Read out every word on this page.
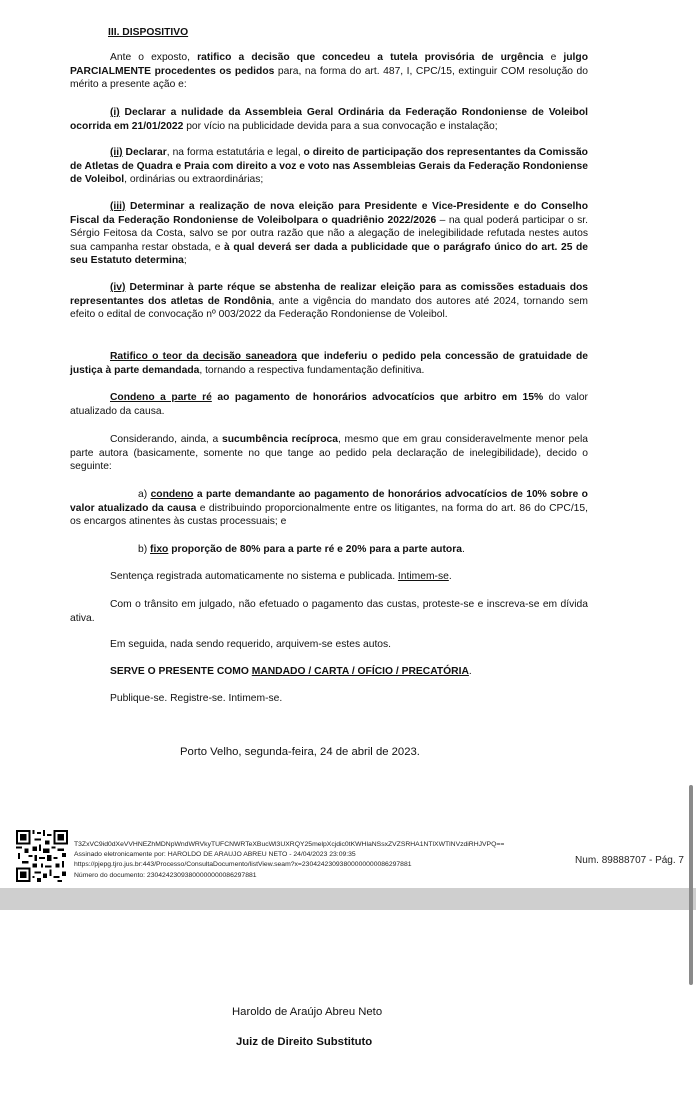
III. DISPOSITIVO

Ante o exposto, ratifico a decisão que concedeu a tutela provisória de urgência e julgo PARCIALMENTE procedentes os pedidos para, na forma do art. 487, I, CPC/15, extinguir COM resolução do mérito a presente ação e:

(i) Declarar a nulidade da Assembleia Geral Ordinária da Federação Rondoniense de Voleibol ocorrida em 21/01/2022 por vício na publicidade devida para a sua convocação e instalação;

(ii) Declarar, na forma estatutária e legal, o direito de participação dos representantes da Comissão de Atletas de Quadra e Praia com direito a voz e voto nas Assembleias Gerais da Federação Rondoniense de Voleibol, ordinárias ou extraordinárias;

(iii) Determinar a realização de nova eleição para Presidente e Vice-Presidente e do Conselho Fiscal da Federação Rondoniense de Voleibolpara o quadriênio 2022/2026 – na qual poderá participar o sr. Sérgio Feitosa da Costa, salvo se por outra razão que não a alegação de inelegibilidade refutada nestes autos sua campanha restar obstada, e à qual deverá ser dada a publicidade que o parágrafo único do art. 25 de seu Estatuto determina;

(iv) Determinar à parte réque se abstenha de realizar eleição para as comissões estaduais dos representantes dos atletas de Rondônia, ante a vigência do mandato dos autores até 2024, tornando sem efeito o edital de convocação nº 003/2022 da Federação Rondoniense de Voleibol.

Ratifico o teor da decisão saneadora que indeferiu o pedido pela concessão de gratuidade de justiça à parte demandada, tornando a respectiva fundamentação definitiva.

Condeno a parte ré ao pagamento de honorários advocatícios que arbitro em 15% do valor atualizado da causa.

Considerando, ainda, a sucumbência recíproca, mesmo que em grau consideravelmente menor pela parte autora (basicamente, somente no que tange ao pedido pela declaração de inelegibilidade), decido o seguinte:

a) condeno a parte demandante ao pagamento de honorários advocatícios de 10% sobre o valor atualizado da causa e distribuindo proporcionalmente entre os litigantes, na forma do art. 86 do CPC/15, os encargos atinentes às custas processuais; e

b) fixo proporção de 80% para a parte ré e 20% para a parte autora.

Sentença registrada automaticamente no sistema e publicada. Intimem-se.

Com o trânsito em julgado, não efetuado o pagamento das custas, proteste-se e inscreva-se em dívida ativa.

Em seguida, nada sendo requerido, arquivem-se estes autos.

SERVE O PRESENTE COMO MANDADO / CARTA / OFÍCIO / PRECATÓRIA.

Publique-se. Registre-se. Intimem-se.

Porto Velho, segunda-feira, 24 de abril de 2023.
T3ZxVC9id0dXeVVHNEZhMDNpWndWRVkyTUFCNWRTeXBucWl3UXRQY25melpXcjdic0tKWHlaNSsxZVZSRHA1NTlXWTlNVzdiRHJVPQ==
Assinado eletronicamente por: HAROLDO DE ARAUJO ABREU NETO - 24/04/2023 23:09:35
https://pjepg.tjro.jus.br:443/Processo/ConsultaDocumento/listView.seam?x=23042423093800000000086297881
Número do documento: 23042423093800000000086297881
Num. 89888707 - Pág. 7
Haroldo de Araújo Abreu Neto
Juiz de Direito Substituto
